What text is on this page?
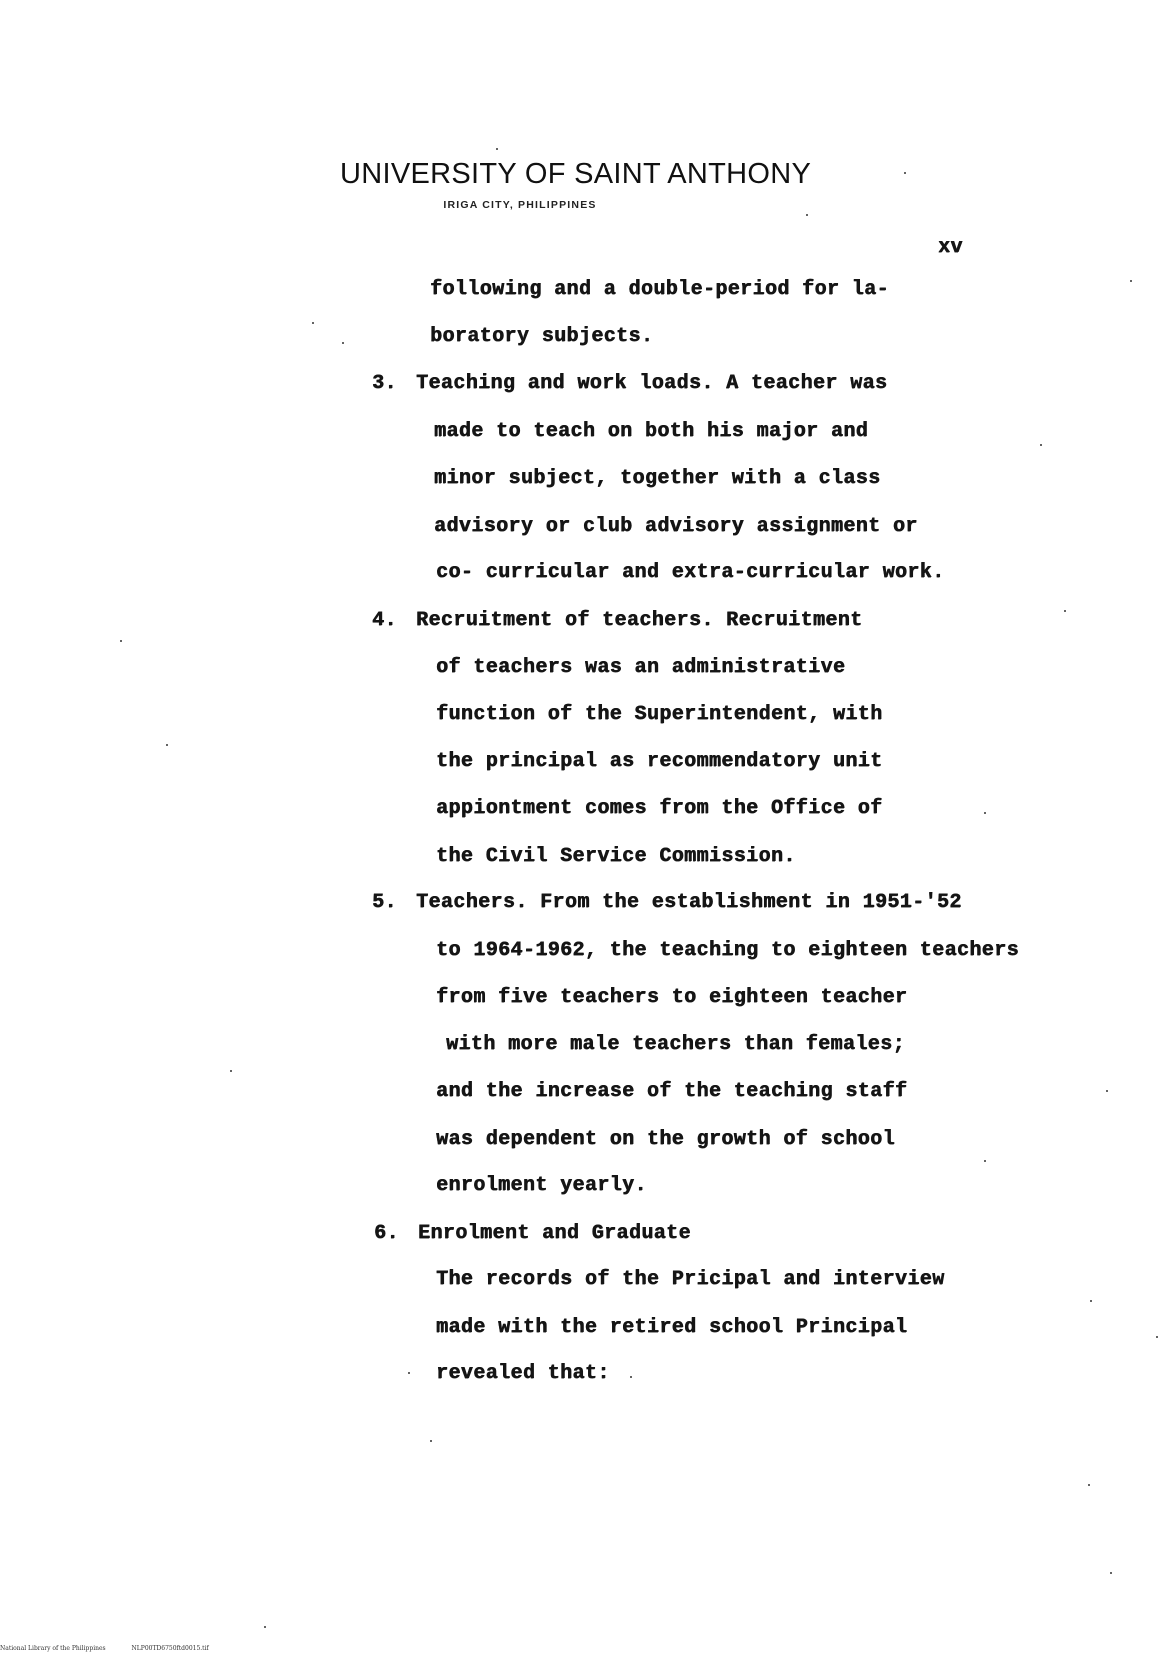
UNIVERSITY OF SAINT ANTHONY
IRIGA CITY, PHILIPPINES
xv
following and a double-period for la-
boratory subjects.
3. Teaching and work loads. A teacher was
made to teach on both his major and
minor subject, together with a class
advisory or club advisory assignment or
co- curricular and extra-curricular work.
4. Recruitment of teachers. Recruitment
of teachers was an administrative
function of the Superintendent, with
the principal as recommendatory unit
appiontment comes from the Office of
the Civil Service Commission.
5. Teachers. From the establishment in 1951-'52
to 1964-1962, the teaching to eighteen teachers
from five teachers to eighteen teacher
with more male teachers than females;
and the increase of the teaching staff
was dependent on the growth of school
enrolment yearly.
6. Enrolment and Graduate
The records of the Pricipal and interview
made with the retired school Principal
revealed that:
National Library of the Philippines	NLP00TD6750ftd0015.tif
